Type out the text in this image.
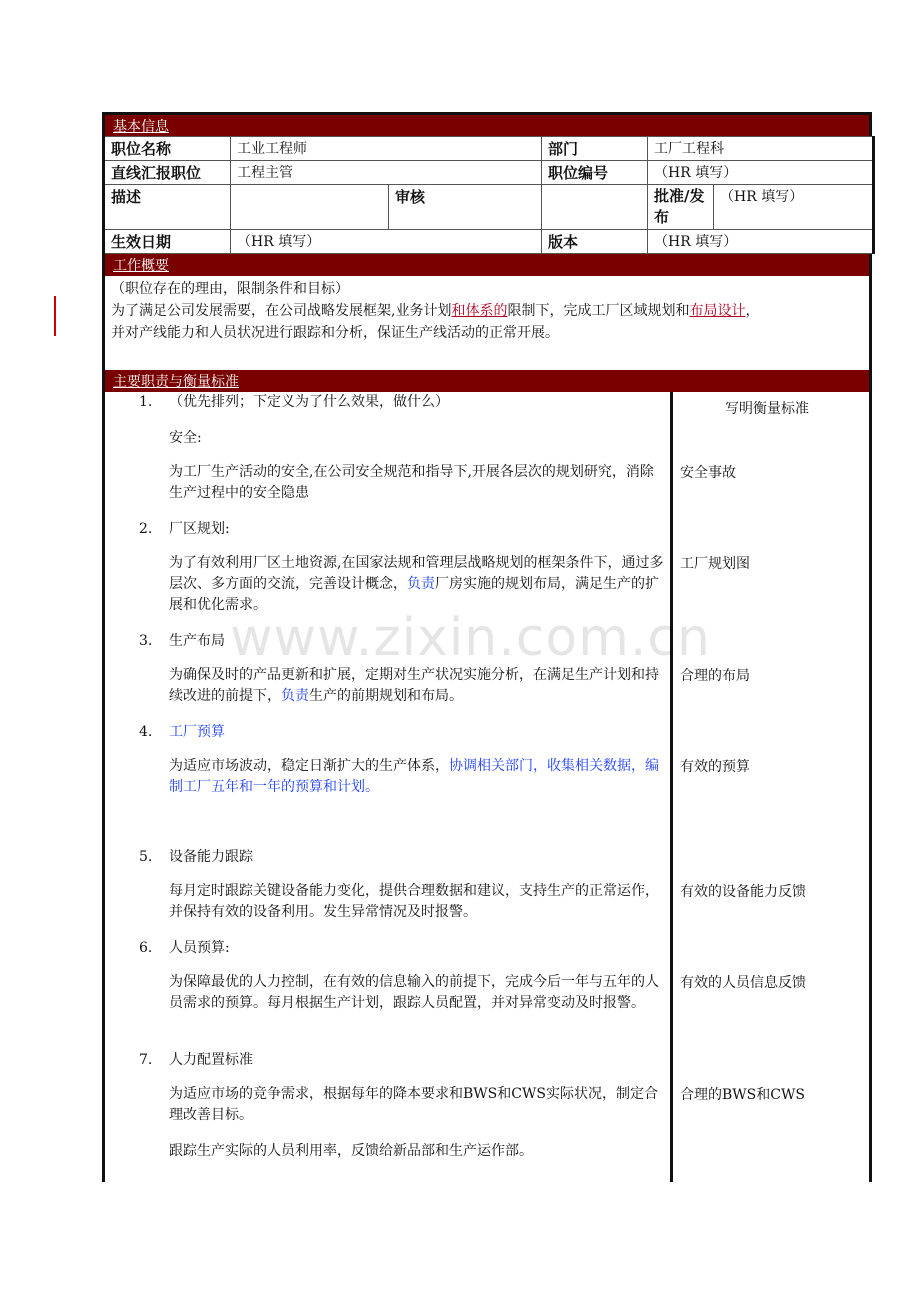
基本信息
职位名称	工业工程师		部门	工厂工程科	
直线汇报职位	工程主管		职位编号	（HR 填写）	
描述		审核		批准/发布	（HR 填写）
生效日期	（HR 填写）		版本	（HR 填写）	
工作概要
（职位存在的理由，限制条件和目标）
为了满足公司发展需要，在公司战略发展框架,业务计划和体系的限制下，完成工厂区域规划和布局设计，
并对产线能力和人员状况进行跟踪和分析，保证生产线活动的正常开展。
主要职责与衡量标准
写明衡量标准
1. （优先排列；下定义为了什么效果，做什么）
安全:
为工厂生产活动的安全,在公司安全规范和指导下,开展各层次的规划研究，消除生产过程中的安全隐患
安全事故
2. 厂区规划:
为了有效利用厂区土地资源,在国家法规和管理层战略规划的框架条件下，通过多层次、多方面的交流，完善设计概念，负责厂房实施的规划布局，满足生产的扩展和优化需求。
工厂规划图
3. 生产布局
为确保及时的产品更新和扩展，定期对生产状况实施分析，在满足生产计划和持续改进的前提下，负责生产的前期规划和布局。
合理的布局
4. 工厂预算
为适应市场波动，稳定日渐扩大的生产体系，协调相关部门，收集相关数据，编制工厂五年和一年的预算和计划。
有效的预算
5. 设备能力跟踪
每月定时跟踪关键设备能力变化，提供合理数据和建议，支持生产的正常运作，并保持有效的设备利用。发生异常情况及时报警。
有效的设备能力反馈
6. 人员预算:
为保障最优的人力控制，在有效的信息输入的前提下，完成今后一年与五年的人员需求的预算。每月根据生产计划，跟踪人员配置，并对异常变动及时报警。
有效的人员信息反馈
7. 人力配置标准
为适应市场的竞争需求，根据每年的降本要求和BWS和CWS实际状况，制定合理改善目标。
合理的BWS和CWS
跟踪生产实际的人员利用率，反馈给新品部和生产运作部。
www.zixin.com.cn
